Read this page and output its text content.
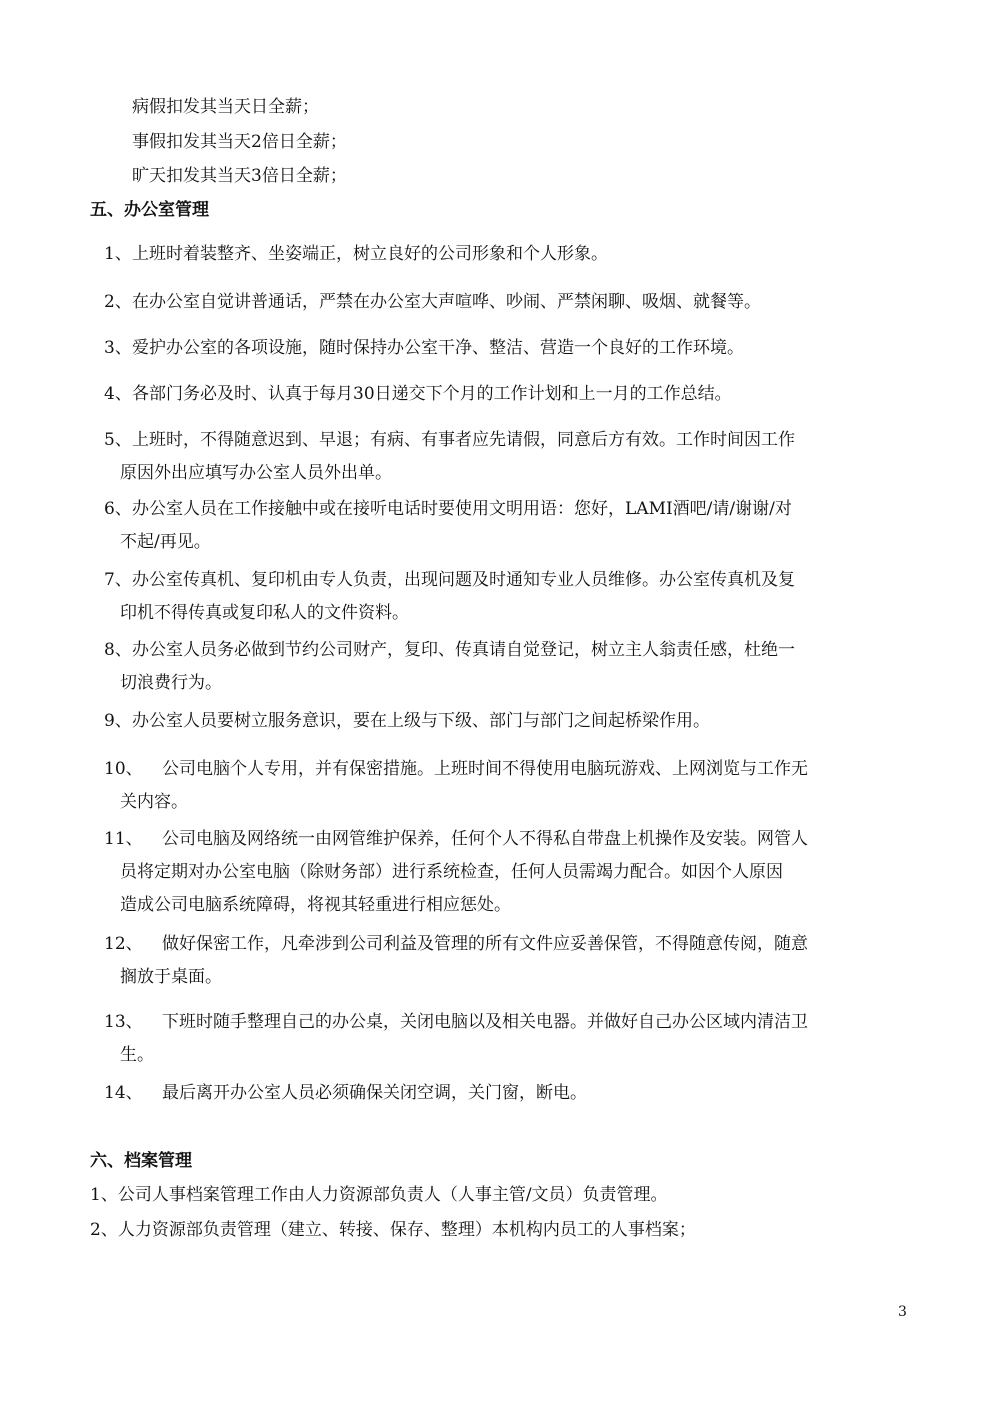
病假扣发其当天日全薪；
事假扣发其当天2倍日全薪；
旷天扣发其当天3倍日全薪；
五、办公室管理
1、 上班时着装整齐、坐姿端正，树立良好的公司形象和个人形象。
2、 在办公室自觉讲普通话，严禁在办公室大声喧哗、吵闹、严禁闲聊、吸烟、就餐等。
3、 爱护办公室的各项设施，随时保持办公室干净、整洁、营造一个良好的工作环境。
4、 各部门务必及时、认真于每月30日递交下个月的工作计划和上一月的工作总结。
5、 上班时，不得随意迟到、早退；有病、有事者应先请假，同意后方有效。工作时间因工作
原因外出应填写办公室人员外出单。
6、 办公室人员在工作接触中或在接听电话时要使用文明用语：您好，LAMI酒吧/请/谢谢/对
不起/再见。
7、 办公室传真机、复印机由专人负责，出现问题及时通知专业人员维修。办公室传真机及复
印机不得传真或复印私人的文件资料。
8、 办公室人员务必做到节约公司财产，复印、传真请自觉登记，树立主人翁责任感，杜绝一
切浪费行为。
9、 办公室人员要树立服务意识，要在上级与下级、部门与部门之间起桥梁作用。
10、 公司电脑个人专用，并有保密措施。上班时间不得使用电脑玩游戏、上网浏览与工作无
关内容。
11、 公司电脑及网络统一由网管维护保养，任何个人不得私自带盘上机操作及安装。网管人
员将定期对办公室电脑（除财务部）进行系统检查，任何人员需竭力配合。如因个人原因
造成公司电脑系统障碍，将视其轻重进行相应惩处。
12、 做好保密工作，凡牵涉到公司利益及管理的所有文件应妥善保管，不得随意传阅，随意
搁放于桌面。
13、 下班时随手整理自己的办公桌，关闭电脑以及相关电器。并做好自己办公区域内清洁卫
生。
14、 最后离开办公室人员必须确保关闭空调，关门窗，断电。
六、档案管理
1、公司人事档案管理工作由人力资源部负责人（人事主管/文员）负责管理。
2、人力资源部负责管理（建立、转接、保存、整理）本机构内员工的人事档案；
3
